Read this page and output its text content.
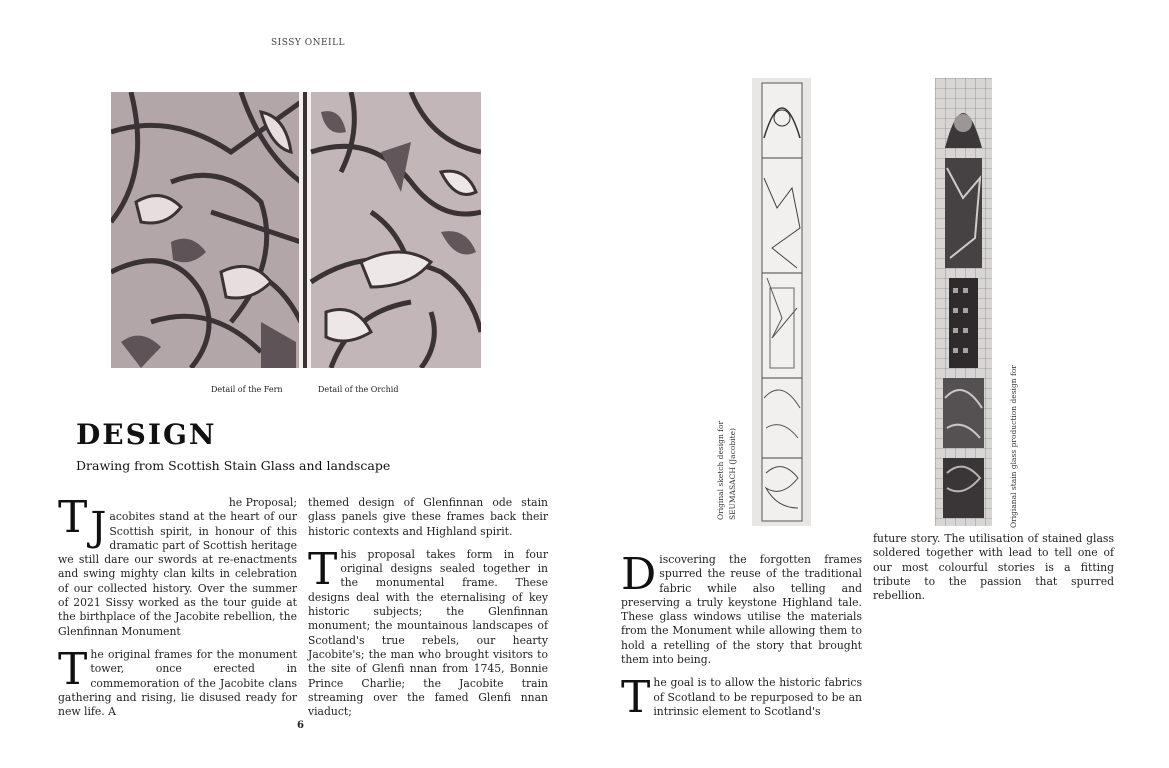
SISSY ONEILL
Detail of the Fern	Detail of the Orchid
DESIGN
Drawing from Scottish Stain Glass and landscape

T	he Proposal;
J acobites stand at the heart of our Scottish spirit, in honour of this dramatic part of Scottish heritage we still dare our swords at re-enactments and swing mighty clan kilts in celebration of our collected history. Over the summer of 2021 Sissy worked as the tour guide at the birthplace of the Jacobite rebellion, the Glenfinnan Monument

The original frames for the monument tower, once erected in commemoration of the Jacobite clans gathering and rising, lie disused ready for new life. A

themed design of Glenfinnan ode stain glass panels give these frames back their historic contexts and Highland spirit.

This proposal takes form in four original designs sealed together in the monumental frame. These designs deal with the eternalising of key historic subjects; the Glenfinnan monument; the mountainous landscapes of Scotland's true rebels, our hearty Jacobite's; the man who brought visitors to the site of Glenfi nnan from 1745, Bonnie Prince Charlie; the Jacobite train streaming over the famed Glenfi nnan viaduct;

6
Original sketch design for SEUMASACH (Jacobite)	Origianal stain glass production design for

Discovering the forgotten frames spurred the reuse of the traditional fabric while also telling and preserving a truly keystone Highland tale. These glass windows utilise the materials from the Monument while allowing them to hold a retelling of the story that brought them into being.

The goal is to allow the historic fabrics of Scotland to be repurposed to be an intrinsic element to Scotland's

future story. The utilisation of stained glass soldered together with lead to tell one of our most colourful stories is a fitting tribute to the passion that spurred rebellion.
